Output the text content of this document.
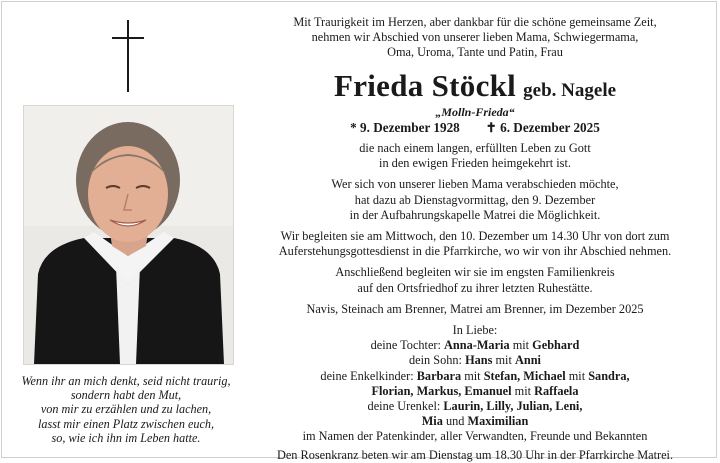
Wenn ihr an mich denkt, seid nicht traurig,
sondern habt den Mut,
von mir zu erzählen und zu lachen,
lasst mir einen Platz zwischen euch,
so, wie ich ihn im Leben hatte.
Mit Traurigkeit im Herzen, aber dankbar für die schöne gemeinsame Zeit,
nehmen wir Abschied von unserer lieben Mama, Schwiegermama,
Oma, Uroma, Tante und Patin, Frau
Frieda Stöckl geb. Nagele
„Molln-Frieda“
* 9. Dezember 1928 ✝ 6. Dezember 2025
die nach einem langen, erfüllten Leben zu Gott
in den ewigen Frieden heimgekehrt ist.
Wer sich von unserer lieben Mama verabschieden möchte,
hat dazu ab Dienstagvormittag, den 9. Dezember
in der Aufbahrungskapelle Matrei die Möglichkeit.
Wir begleiten sie am Mittwoch, den 10. Dezember um 14.30 Uhr von dort zum
Auferstehungsgottesdienst in die Pfarrkirche, wo wir von ihr Abschied nehmen.
Anschließend begleiten wir sie im engsten Familienkreis
auf den Ortsfriedhof zu ihrer letzten Ruhestätte.
Navis, Steinach am Brenner, Matrei am Brenner, im Dezember 2025
In Liebe:
deine Tochter: Anna-Maria mit Gebhard
dein Sohn: Hans mit Anni
deine Enkelkinder: Barbara mit Stefan, Michael mit Sandra,
Florian, Markus, Emanuel mit Raffaela
deine Urenkel: Laurin, Lilly, Julian, Leni,
Mia und Maximilian
im Namen der Patenkinder, aller Verwandten, Freunde und Bekannten
Den Rosenkranz beten wir am Dienstag um 18.30 Uhr in der Pfarrkirche Matrei.
